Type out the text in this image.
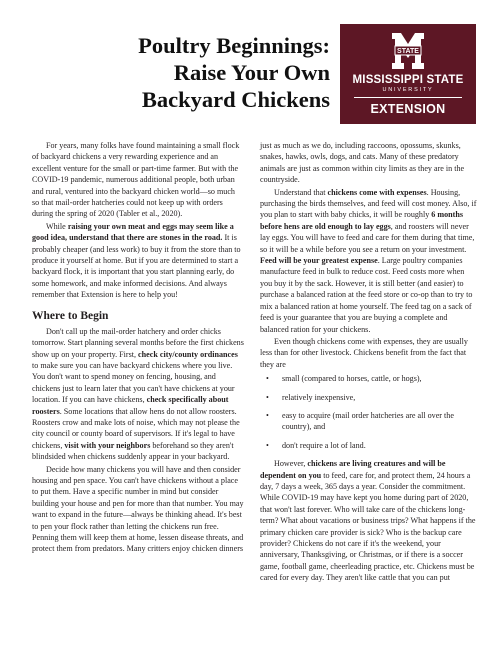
Poultry Beginnings:
Raise Your Own
Backyard Chickens
STATE
MISSISSIPPI STATE
UNIVERSITY
EXTENSION

For years, many folks have found maintaining a small flock of backyard chickens a very rewarding experience and an excellent venture for the small or part-time farmer. But with the COVID-19 pandemic, numerous additional people, both urban and rural, ventured into the backyard chicken world—so much so that mail-order hatcheries could not keep up with orders during the spring of 2020 (Tabler et al., 2020).

While raising your own meat and eggs may seem like a good idea, understand that there are stones in the road. It is probably cheaper (and less work) to buy it from the store than to produce it yourself at home. But if you are determined to start a backyard flock, it is important that you start planning early, do some homework, and make informed decisions. And always remember that Extension is here to help you!

Where to Begin

Don't call up the mail-order hatchery and order chicks tomorrow. Start planning several months before the first chickens show up on your property. First, check city/county ordinances to make sure you can have backyard chickens where you live. You don't want to spend money on fencing, housing, and chickens just to learn later that you can't have chickens at your location. If you can have chickens, check specifically about roosters. Some locations that allow hens do not allow roosters. Roosters crow and make lots of noise, which may not please the city council or county board of supervisors. If it's legal to have chickens, visit with your neighbors beforehand so they aren't blindsided when chickens suddenly appear in your backyard.

Decide how many chickens you will have and then consider housing and pen space. You can't have chickens without a place to put them. Have a specific number in mind but consider building your house and pen for more than that number. You may want to expand in the future—always be thinking ahead. It's best to pen your flock rather than letting the chickens run free. Penning them will keep them at home, lessen disease threats, and protect them from predators. Many critters enjoy chicken dinners

just as much as we do, including raccoons, opossums, skunks, snakes, hawks, owls, dogs, and cats. Many of these predatory animals are just as common within city limits as they are in the countryside.

Understand that chickens come with expenses. Housing, purchasing the birds themselves, and feed will cost money. Also, if you plan to start with baby chicks, it will be roughly 6 months before hens are old enough to lay eggs, and roosters will never lay eggs. You will have to feed and care for them during that time, so it will be a while before you see a return on your investment. Feed will be your greatest expense. Large poultry companies manufacture feed in bulk to reduce cost. Feed costs more when you buy it by the sack. However, it is still better (and easier) to purchase a balanced ration at the feed store or co-op than to try to mix a balanced ration at home yourself. The feed tag on a sack of feed is your guarantee that you are buying a complete and balanced ration for your chickens.

Even though chickens come with expenses, they are usually less than for other livestock. Chickens benefit from the fact that they are

• small (compared to horses, cattle, or hogs),
• relatively inexpensive,
• easy to acquire (mail order hatcheries are all over the country), and
• don't require a lot of land.

However, chickens are living creatures and will be dependent on you to feed, care for, and protect them, 24 hours a day, 7 days a week, 365 days a year. Consider the commitment. While COVID-19 may have kept you home during part of 2020, that won't last forever. Who will take care of the chickens long-term? What about vacations or business trips? What happens if the primary chicken care provider is sick? Who is the backup care provider? Chickens do not care if it's the weekend, your anniversary, Thanksgiving, or Christmas, or if there is a soccer game, football game, cheerleading practice, etc. Chickens must be cared for every day. They aren't like cattle that you can put
